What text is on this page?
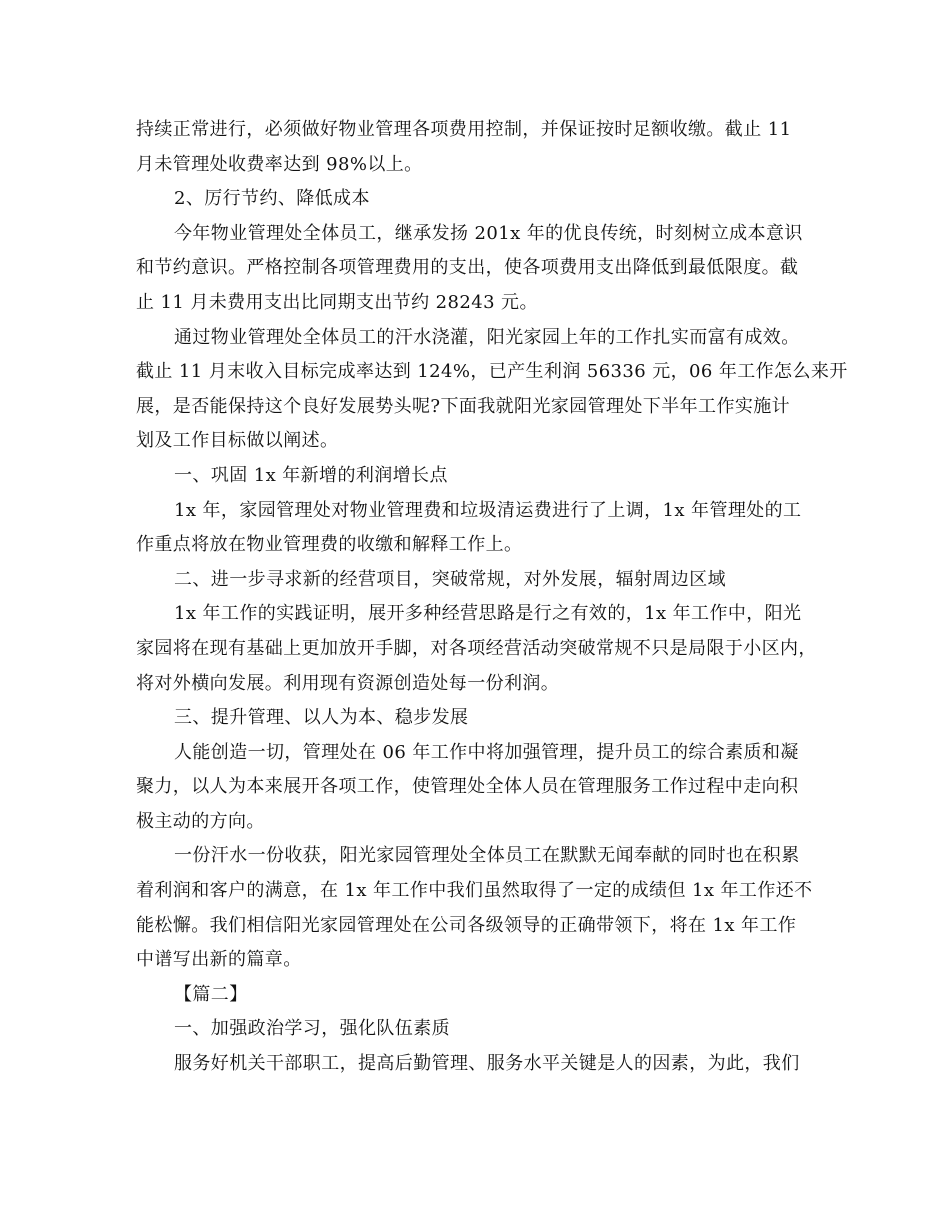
持续正常进行，必须做好物业管理各项费用控制，并保证按时足额收缴。截止 11
月未管理处收费率达到 98%以上。
2、厉行节约、降低成本
今年物业管理处全体员工，继承发扬 201x 年的优良传统，时刻树立成本意识
和节约意识。严格控制各项管理费用的支出，使各项费用支出降低到最低限度。截
止 11 月未费用支出比同期支出节约 28243 元。
通过物业管理处全体员工的汗水浇灌，阳光家园上年的工作扎实而富有成效。
截止 11 月末收入目标完成率达到 124%，已产生利润 56336 元，06 年工作怎么来开
展，是否能保持这个良好发展势头呢?下面我就阳光家园管理处下半年工作实施计
划及工作目标做以阐述。
一、巩固 1x 年新增的利润增长点
1x 年，家园管理处对物业管理费和垃圾清运费进行了上调，1x 年管理处的工
作重点将放在物业管理费的收缴和解释工作上。
二、进一步寻求新的经营项目，突破常规，对外发展，辐射周边区域
1x 年工作的实践证明，展开多种经营思路是行之有效的，1x 年工作中，阳光
家园将在现有基础上更加放开手脚，对各项经营活动突破常规不只是局限于小区内，
将对外横向发展。利用现有资源创造处每一份利润。
三、提升管理、以人为本、稳步发展
人能创造一切，管理处在 06 年工作中将加强管理，提升员工的综合素质和凝
聚力，以人为本来展开各项工作，使管理处全体人员在管理服务工作过程中走向积
极主动的方向。
一份汗水一份收获，阳光家园管理处全体员工在默默无闻奉献的同时也在积累
着利润和客户的满意，在 1x 年工作中我们虽然取得了一定的成绩但 1x 年工作还不
能松懈。我们相信阳光家园管理处在公司各级领导的正确带领下，将在 1x 年工作
中谱写出新的篇章。
【篇二】
一、加强政治学习，强化队伍素质
服务好机关干部职工，提高后勤管理、服务水平关键是人的因素，为此，我们
